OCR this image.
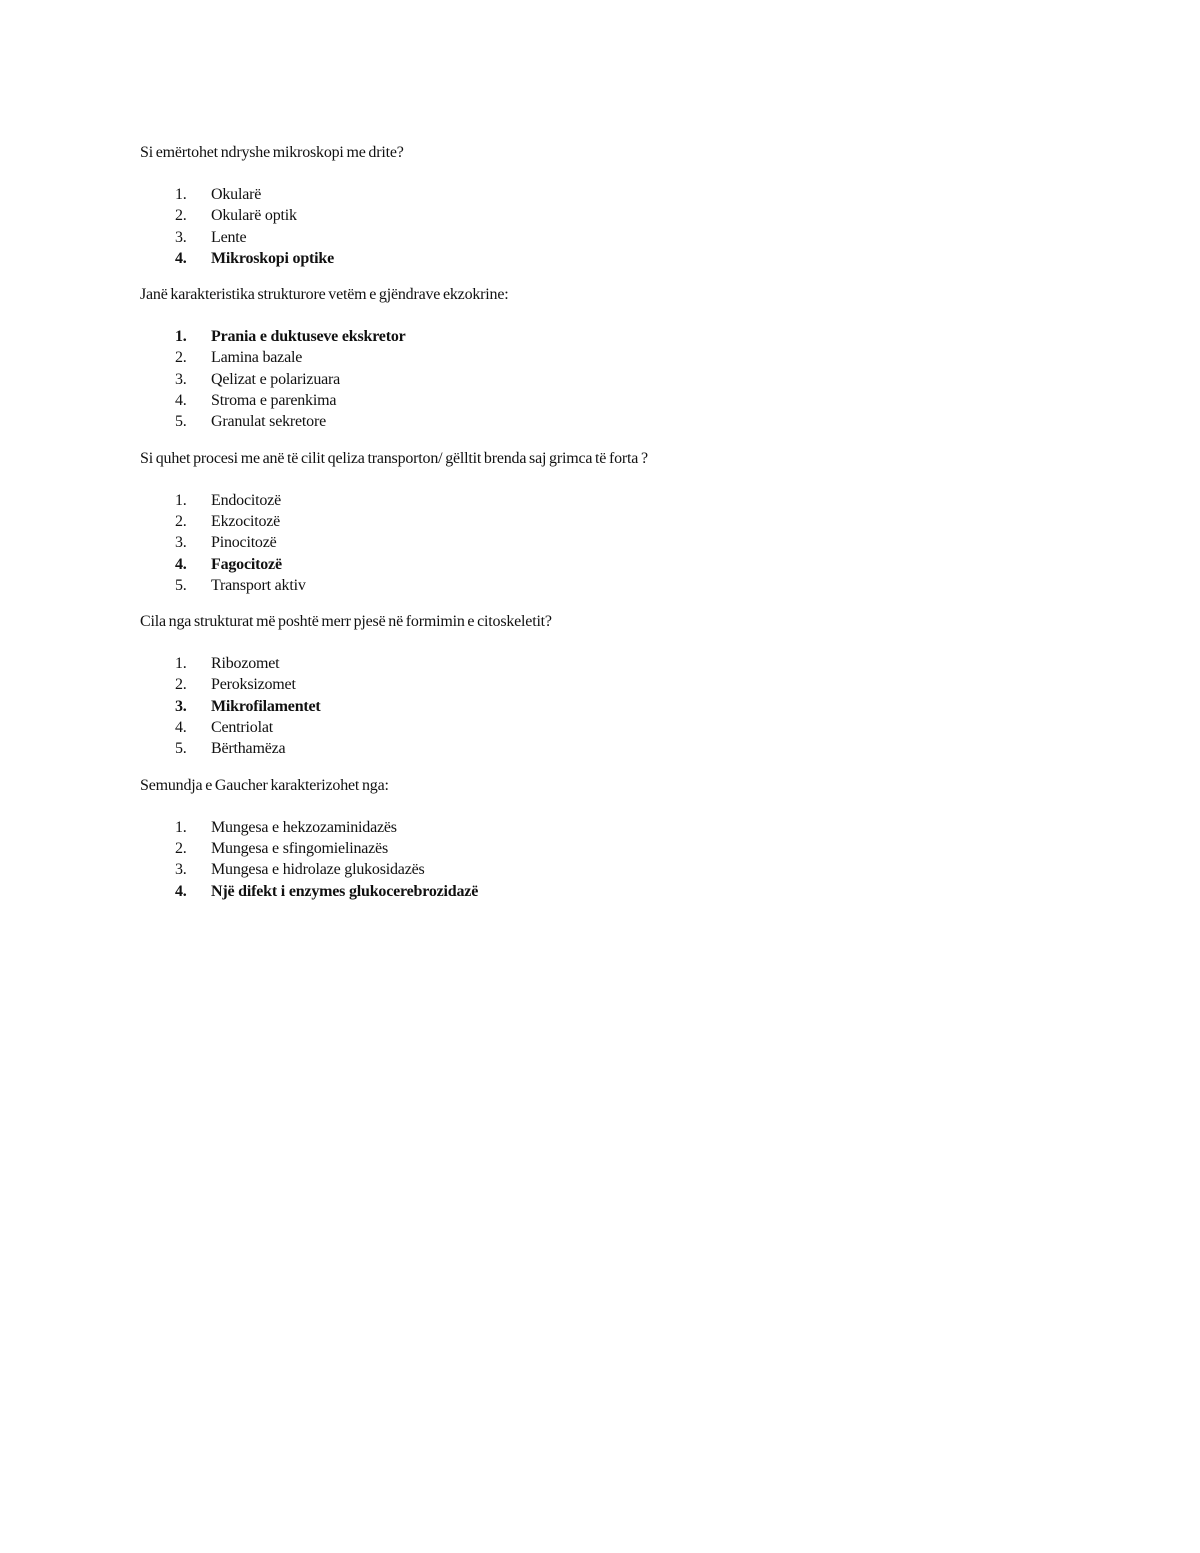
Si emërtohet ndryshe mikroskopi me drite?

1. Okularë
2. Okularë optik
3. Lente
4. Mikroskopi optike

Janë karakteristika strukturore vetëm e gjëndrave ekzokrine:

1. Prania e duktuseve ekskretor
2. Lamina bazale
3. Qelizat e polarizuara
4. Stroma e parenkima
5. Granulat sekretore

Si quhet procesi me anë të cilit qeliza transporton/ gëlltit brenda saj grimca të forta ?

1. Endocitozë
2. Ekzocitozë
3. Pinocitozë
4. Fagocitozë
5. Transport aktiv

Cila nga strukturat më poshtë merr pjesë në formimin e citoskeletit?

1. Ribozomet
2. Peroksizomet
3. Mikrofilamentet
4. Centriolat
5. Bërthamëza

Semundja e Gaucher karakterizohet nga:

1. Mungesa e hekzozaminidazës
2. Mungesa e sfingomielinazës
3. Mungesa e hidrolaze glukosidazës
4. Një difekt i enzymes glukocerebrozidazë
